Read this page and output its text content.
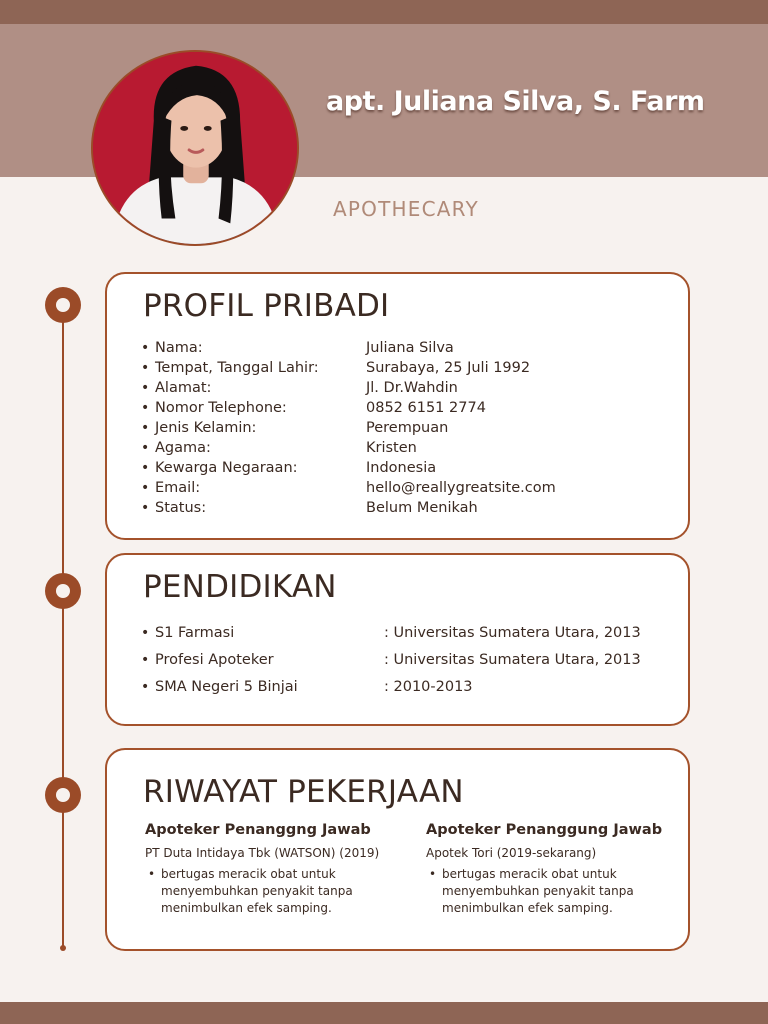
apt. Juliana Silva, S. Farm
APOTHECARY
PROFIL PRIBADI
• Nama:	Juliana Silva
• Tempat, Tanggal Lahir:	Surabaya, 25 Juli 1992
• Alamat:	Jl. Dr.Wahdin
• Nomor Telephone:	0852 6151 2774
• Jenis Kelamin:	Perempuan
• Agama:	Kristen
• Kewarga Negaraan:	Indonesia
• Email:	hello@reallygreatsite.com
• Status:	Belum Menikah
PENDIDIKAN
• S1 Farmasi	: Universitas Sumatera Utara, 2013
• Profesi Apoteker	: Universitas Sumatera Utara, 2013
• SMA Negeri 5 Binjai	: 2010-2013
RIWAYAT PEKERJAAN
Apoteker Penanggng Jawab
PT Duta Intidaya Tbk (WATSON) (2019)
• bertugas meracik obat untuk menyembuhkan penyakit tanpa menimbulkan efek samping.
Apoteker Penanggung Jawab
Apotek Tori (2019-sekarang)
• bertugas meracik obat untuk menyembuhkan penyakit tanpa menimbulkan efek samping.
